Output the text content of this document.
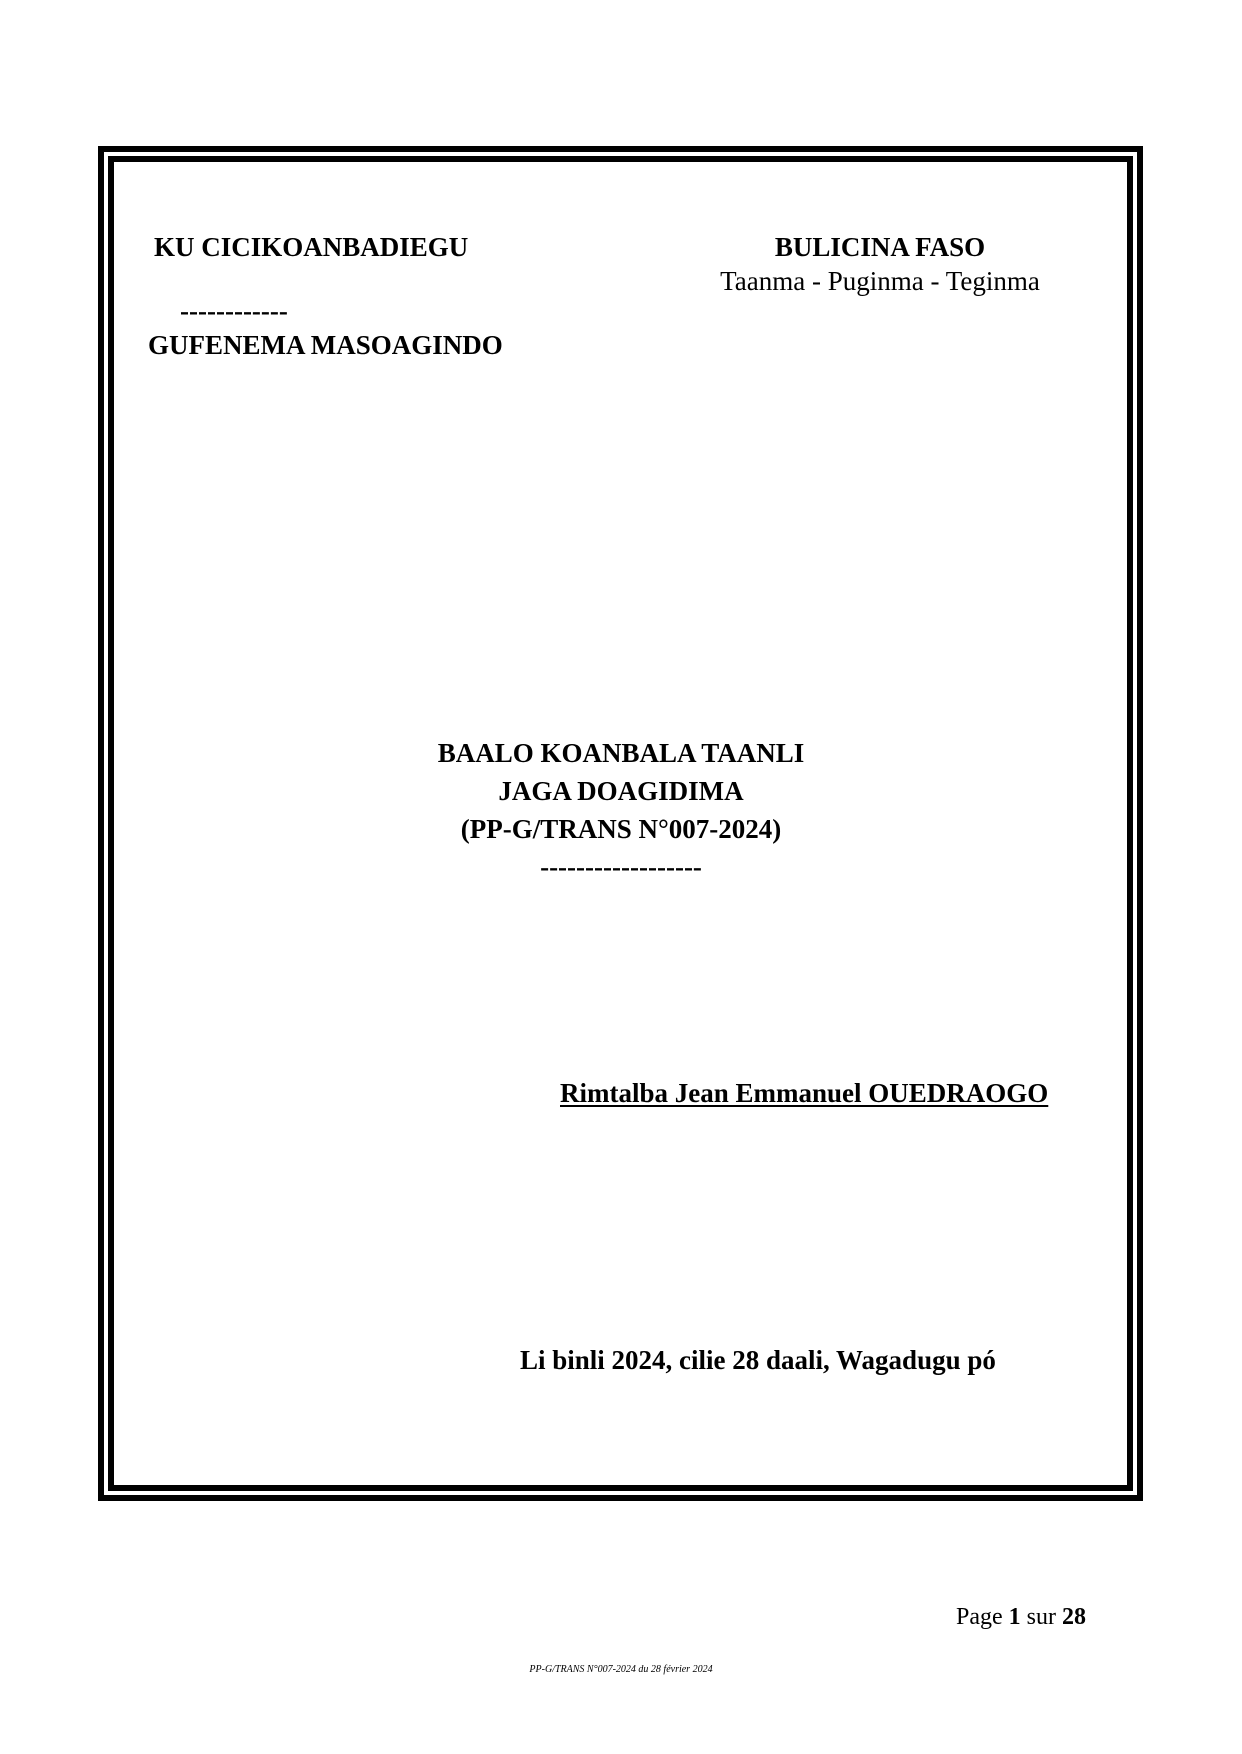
KU CICIKOANBADIEGU
------------
GUFENEMA MASOAGINDO
BULICINA FASO
Taanma - Puginma - Teginma
BAALO KOANBALA TAANLI
JAGA DOAGIDIMA
(PP-G/TRANS N°007-2024)
------------------
Rimtalba Jean Emmanuel OUEDRAOGO
Li binli 2024, cilie 28 daali, Wagadugu pó
Page 1 sur 28
PP-G/TRANS N°007-2024 du 28 février 2024
